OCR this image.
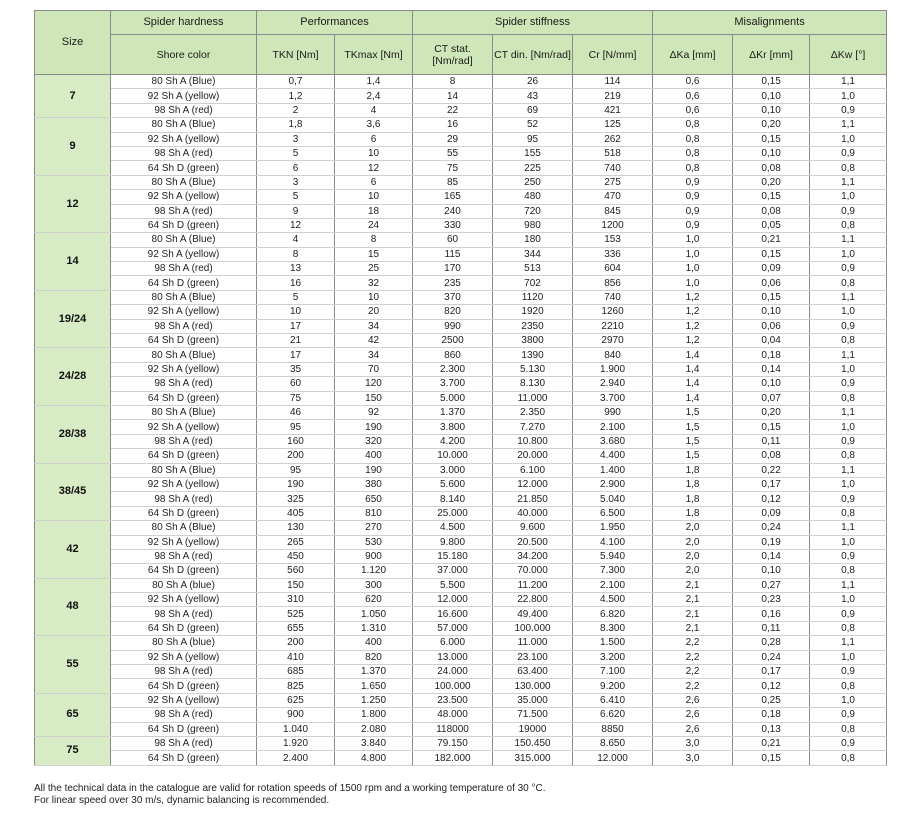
Size	Spider hardness	Performances		Spider stiffness			Misalignments		
	Shore color	TKN [Nm]	TKmax [Nm]	CT stat. [Nm/rad]	CT din. [Nm/rad]	Cr [N/mm]	ΔKa [mm]	ΔKr [mm]	ΔKw [°]
7	80 Sh A (Blue)	0,7	1,4	8	26	114	0,6	0,15	1,1
	92 Sh A (yellow)	1,2	2,4	14	43	219	0,6	0,10	1,0
	98 Sh A (red)	2	4	22	69	421	0,6	0,10	0,9
9	80 Sh A (Blue)	1,8	3,6	16	52	125	0,8	0,20	1,1
	92 Sh A (yellow)	3	6	29	95	262	0,8	0,15	1,0
	98 Sh A (red)	5	10	55	155	518	0,8	0,10	0,9
	64 Sh D (green)	6	12	75	225	740	0,8	0,08	0,8
12	80 Sh A (Blue)	3	6	85	250	275	0,9	0,20	1,1
	92 Sh A (yellow)	5	10	165	480	470	0,9	0,15	1,0
	98 Sh A (red)	9	18	240	720	845	0,9	0,08	0,9
	64 Sh D (green)	12	24	330	980	1200	0,9	0,05	0,8
14	80 Sh A (Blue)	4	8	60	180	153	1,0	0,21	1,1
	92 Sh A (yellow)	8	15	115	344	336	1,0	0,15	1,0
	98 Sh A (red)	13	25	170	513	604	1,0	0,09	0,9
	64 Sh D (green)	16	32	235	702	856	1,0	0,06	0,8
19/24	80 Sh A (Blue)	5	10	370	1120	740	1,2	0,15	1,1
	92 Sh A (yellow)	10	20	820	1920	1260	1,2	0,10	1,0
	98 Sh A (red)	17	34	990	2350	2210	1,2	0,06	0,9
	64 Sh D (green)	21	42	2500	3800	2970	1,2	0,04	0,8
24/28	80 Sh A (Blue)	17	34	860	1390	840	1,4	0,18	1,1
	92 Sh A (yellow)	35	70	2.300	5.130	1.900	1,4	0,14	1,0
	98 Sh A (red)	60	120	3.700	8.130	2.940	1,4	0,10	0,9
	64 Sh D (green)	75	150	5.000	11.000	3.700	1,4	0,07	0,8
28/38	80 Sh A (Blue)	46	92	1.370	2.350	990	1,5	0,20	1,1
	92 Sh A (yellow)	95	190	3.800	7.270	2.100	1,5	0,15	1,0
	98 Sh A (red)	160	320	4.200	10.800	3.680	1,5	0,11	0,9
	64 Sh D (green)	200	400	10.000	20.000	4.400	1,5	0,08	0,8
38/45	80 Sh A (Blue)	95	190	3.000	6.100	1.400	1,8	0,22	1,1
	92 Sh A (yellow)	190	380	5.600	12.000	2.900	1,8	0,17	1,0
	98 Sh A (red)	325	650	8.140	21.850	5.040	1,8	0,12	0,9
	64 Sh D (green)	405	810	25.000	40.000	6.500	1,8	0,09	0,8
42	80 Sh A (Blue)	130	270	4.500	9.600	1.950	2,0	0,24	1,1
	92 Sh A (yellow)	265	530	9.800	20.500	4.100	2,0	0,19	1,0
	98 Sh A (red)	450	900	15.180	34.200	5.940	2,0	0,14	0,9
	64 Sh D (green)	560	1.120	37.000	70.000	7.300	2,0	0,10	0,8
48	80 Sh A (blue)	150	300	5.500	11.200	2.100	2,1	0,27	1,1
	92 Sh A (yellow)	310	620	12.000	22.800	4.500	2,1	0,23	1,0
	98 Sh A (red)	525	1.050	16.600	49.400	6.820	2,1	0,16	0,9
	64 Sh D (green)	655	1.310	57.000	100.000	8.300	2,1	0,11	0,8
55	80 Sh A (blue)	200	400	6.000	11.000	1.500	2,2	0,28	1,1
	92 Sh A (yellow)	410	820	13.000	23.100	3.200	2,2	0,24	1,0
	98 Sh A (red)	685	1.370	24.000	63.400	7.100	2,2	0,17	0,9
	64 Sh D (green)	825	1.650	100.000	130.000	9.200	2,2	0,12	0,8
65	92 Sh A (yellow)	625	1.250	23.500	35.000	6.410	2,6	0,25	1,0
	98 Sh A (red)	900	1.800	48.000	71.500	6.620	2,6	0,18	0,9
	64 Sh D (green)	1.040	2.080	118000	19000	8850	2,6	0,13	0,8
75	98 Sh A (red)	1.920	3.840	79.150	150.450	8.650	3,0	0,21	0,9
	64 Sh D (green)	2.400	4.800	182.000	315.000	12.000	3,0	0,15	0,8
All the technical data in the catalogue are valid for rotation speeds of 1500 rpm and a working temperature of 30 °C.
For linear speed over 30 m/s, dynamic balancing is recommended.
